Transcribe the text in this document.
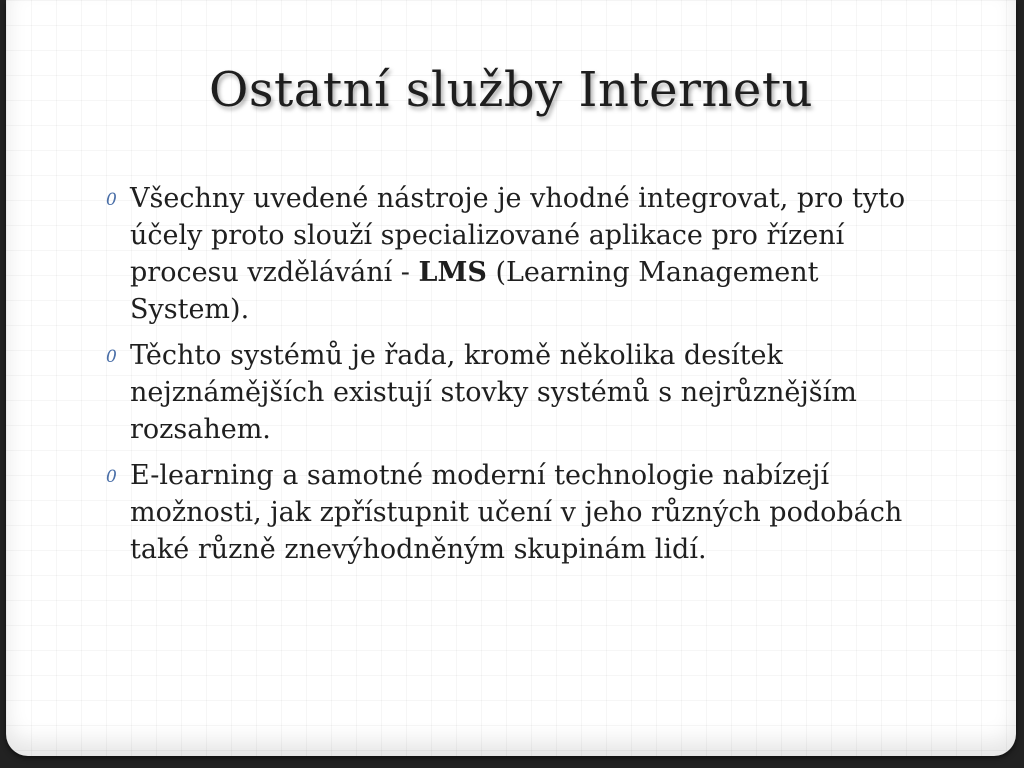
Ostatní služby Internetu
0 Všechny uvedené nástroje je vhodné integrovat, pro tyto účely proto slouží specializované aplikace pro řízení procesu vzdělávání - LMS (Learning Management System).
0 Těchto systémů je řada, kromě několika desítek nejznámějších existují stovky systémů s nejrůznějším rozsahem.
0 E-learning a samotné moderní technologie nabízejí možnosti, jak zpřístupnit učení v jeho různých podobách také různě znevýhodněným skupinám lidí.
